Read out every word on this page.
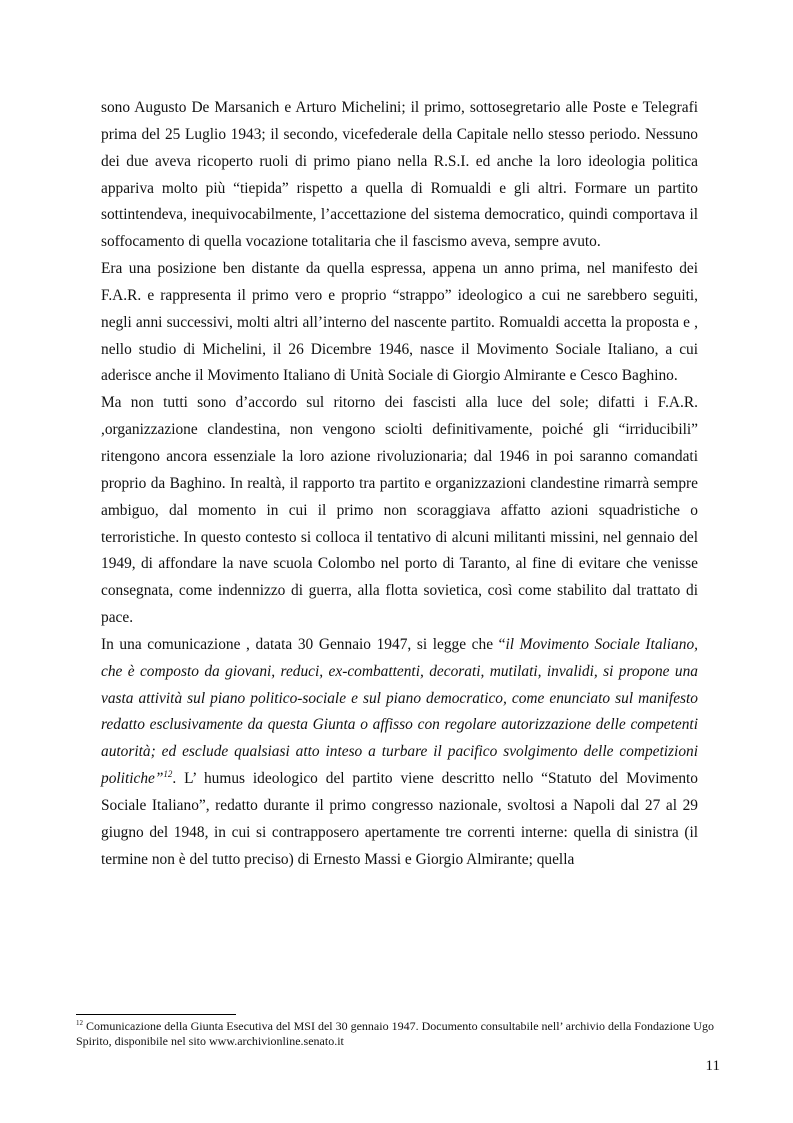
sono Augusto De Marsanich e Arturo Michelini; il primo, sottosegretario alle Poste e Telegrafi prima del 25 Luglio 1943; il secondo, vicefederale della Capitale nello stesso periodo. Nessuno dei due aveva ricoperto ruoli di primo piano nella R.S.I. ed anche la loro ideologia politica appariva molto più “tiepida” rispetto a quella di Romualdi e gli altri. Formare un partito sottintendeva, inequivocabilmente, l’accettazione del sistema democratico, quindi comportava il soffocamento di quella vocazione totalitaria che il fascismo aveva, sempre avuto.

Era una posizione ben distante da quella espressa, appena un anno prima, nel manifesto dei F.A.R. e rappresenta il primo vero e proprio “strappo” ideologico a cui ne sarebbero seguiti, negli anni successivi, molti altri all’interno del nascente partito. Romualdi accetta la proposta e , nello studio di Michelini, il 26 Dicembre 1946, nasce il Movimento Sociale Italiano, a cui aderisce anche il Movimento Italiano di Unità Sociale di Giorgio Almirante e Cesco Baghino.

Ma non tutti sono d’accordo sul ritorno dei fascisti alla luce del sole; difatti i F.A.R. ,organizzazione clandestina, non vengono sciolti definitivamente, poiché gli “irriducibili” ritengono ancora essenziale la loro azione rivoluzionaria; dal 1946 in poi saranno comandati proprio da Baghino. In realtà, il rapporto tra partito e organizzazioni clandestine rimarrà sempre ambiguo, dal momento in cui il primo non scoraggiava affatto azioni squadristiche o terroristiche. In questo contesto si colloca il tentativo di alcuni militanti missini, nel gennaio del 1949, di affondare la nave scuola Colombo nel porto di Taranto, al fine di evitare che venisse consegnata, come indennizzo di guerra, alla flotta sovietica, così come stabilito dal trattato di pace.

In una comunicazione , datata 30 Gennaio 1947, si legge che “il Movimento Sociale Italiano, che è composto da giovani, reduci, ex-combattenti, decorati, mutilati, invalidi, si propone una vasta attività sul piano politico-sociale e sul piano democratico, come enunciato sul manifesto redatto esclusivamente da questa Giunta o affisso con regolare autorizzazione delle competenti autorità; ed esclude qualsiasi atto inteso a turbare il pacifico svolgimento delle competizioni politiche”$^{12}$. L’ humus ideologico del partito viene descritto nello “Statuto del Movimento Sociale Italiano”, redatto durante il primo congresso nazionale, svoltosi a Napoli dal 27 al 29 giugno del 1948, in cui si contrapposero apertamente tre correnti interne: quella di sinistra (il termine non è del tutto preciso) di Ernesto Massi e Giorgio Almirante; quella

$^{12}$ Comunicazione della Giunta Esecutiva del MSI del 30 gennaio 1947. Documento consultabile nell’ archivio della Fondazione Ugo Spirito, disponibile nel sito www.archivionline.senato.it
11
